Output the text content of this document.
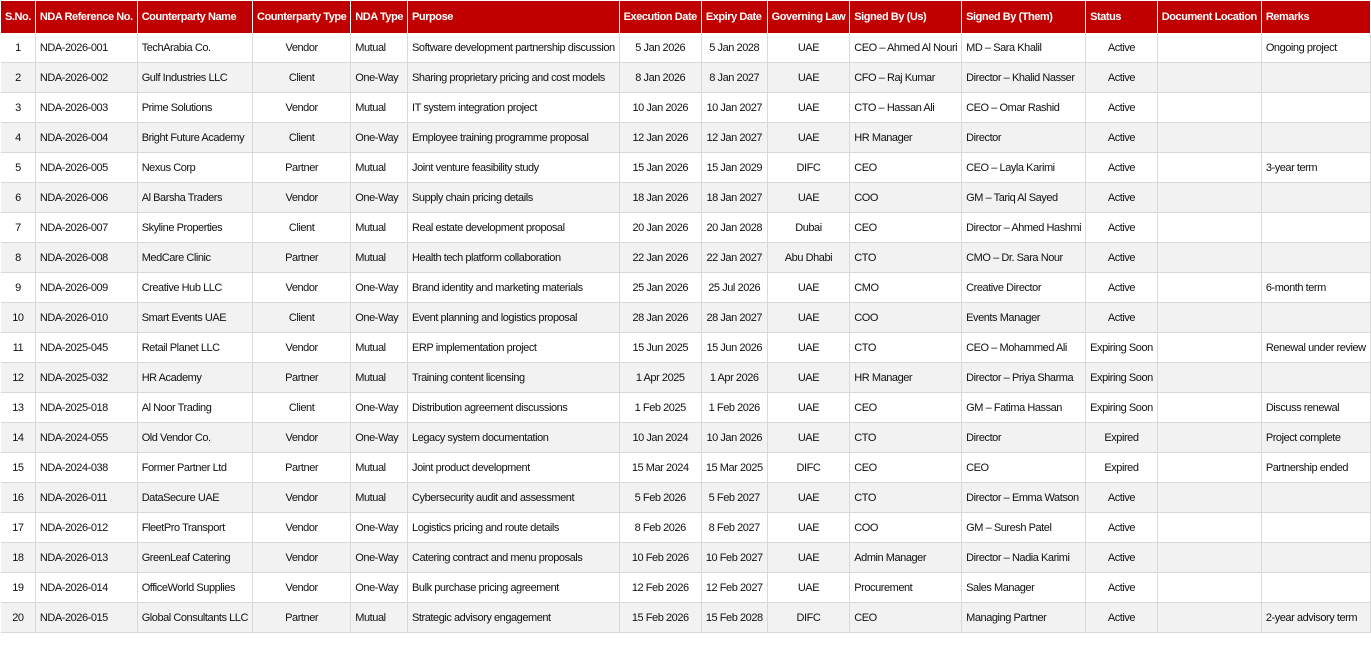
S.No.	NDA Reference No.	Counterparty Name	Counterparty Type	NDA Type	Purpose	Execution Date	Expiry Date	Governing Law	Signed By (Us)	Signed By (Them)	Status	Document Location	Remarks
1	NDA-2026-001	TechArabia Co.	Vendor	Mutual	Software development partnership discussion	5 Jan 2026	5 Jan 2028	UAE	CEO – Ahmed Al Nouri	MD – Sara Khalil	Active		Ongoing project
2	NDA-2026-002	Gulf Industries LLC	Client	One-Way	Sharing proprietary pricing and cost models	8 Jan 2026	8 Jan 2027	UAE	CFO – Raj Kumar	Director – Khalid Nasser	Active		
3	NDA-2026-003	Prime Solutions	Vendor	Mutual	IT system integration project	10 Jan 2026	10 Jan 2027	UAE	CTO – Hassan Ali	CEO – Omar Rashid	Active		
4	NDA-2026-004	Bright Future Academy	Client	One-Way	Employee training programme proposal	12 Jan 2026	12 Jan 2027	UAE	HR Manager	Director	Active		
5	NDA-2026-005	Nexus Corp	Partner	Mutual	Joint venture feasibility study	15 Jan 2026	15 Jan 2029	DIFC	CEO	CEO – Layla Karimi	Active		3-year term
6	NDA-2026-006	Al Barsha Traders	Vendor	One-Way	Supply chain pricing details	18 Jan 2026	18 Jan 2027	UAE	COO	GM – Tariq Al Sayed	Active		
7	NDA-2026-007	Skyline Properties	Client	Mutual	Real estate development proposal	20 Jan 2026	20 Jan 2028	Dubai	CEO	Director – Ahmed Hashmi	Active		
8	NDA-2026-008	MedCare Clinic	Partner	Mutual	Health tech platform collaboration	22 Jan 2026	22 Jan 2027	Abu Dhabi	CTO	CMO – Dr. Sara Nour	Active		
9	NDA-2026-009	Creative Hub LLC	Vendor	One-Way	Brand identity and marketing materials	25 Jan 2026	25 Jul 2026	UAE	CMO	Creative Director	Active		6-month term
10	NDA-2026-010	Smart Events UAE	Client	One-Way	Event planning and logistics proposal	28 Jan 2026	28 Jan 2027	UAE	COO	Events Manager	Active		
11	NDA-2025-045	Retail Planet LLC	Vendor	Mutual	ERP implementation project	15 Jun 2025	15 Jun 2026	UAE	CTO	CEO – Mohammed Ali	Expiring Soon		Renewal under review
12	NDA-2025-032	HR Academy	Partner	Mutual	Training content licensing	1 Apr 2025	1 Apr 2026	UAE	HR Manager	Director – Priya Sharma	Expiring Soon		
13	NDA-2025-018	Al Noor Trading	Client	One-Way	Distribution agreement discussions	1 Feb 2025	1 Feb 2026	UAE	CEO	GM – Fatima Hassan	Expiring Soon		Discuss renewal
14	NDA-2024-055	Old Vendor Co.	Vendor	One-Way	Legacy system documentation	10 Jan 2024	10 Jan 2026	UAE	CTO	Director	Expired		Project complete
15	NDA-2024-038	Former Partner Ltd	Partner	Mutual	Joint product development	15 Mar 2024	15 Mar 2025	DIFC	CEO	CEO	Expired		Partnership ended
16	NDA-2026-011	DataSecure UAE	Vendor	Mutual	Cybersecurity audit and assessment	5 Feb 2026	5 Feb 2027	UAE	CTO	Director – Emma Watson	Active		
17	NDA-2026-012	FleetPro Transport	Vendor	One-Way	Logistics pricing and route details	8 Feb 2026	8 Feb 2027	UAE	COO	GM – Suresh Patel	Active		
18	NDA-2026-013	GreenLeaf Catering	Vendor	One-Way	Catering contract and menu proposals	10 Feb 2026	10 Feb 2027	UAE	Admin Manager	Director – Nadia Karimi	Active		
19	NDA-2026-014	OfficeWorld Supplies	Vendor	One-Way	Bulk purchase pricing agreement	12 Feb 2026	12 Feb 2027	UAE	Procurement	Sales Manager	Active		
20	NDA-2026-015	Global Consultants LLC	Partner	Mutual	Strategic advisory engagement	15 Feb 2026	15 Feb 2028	DIFC	CEO	Managing Partner	Active		2-year advisory term
